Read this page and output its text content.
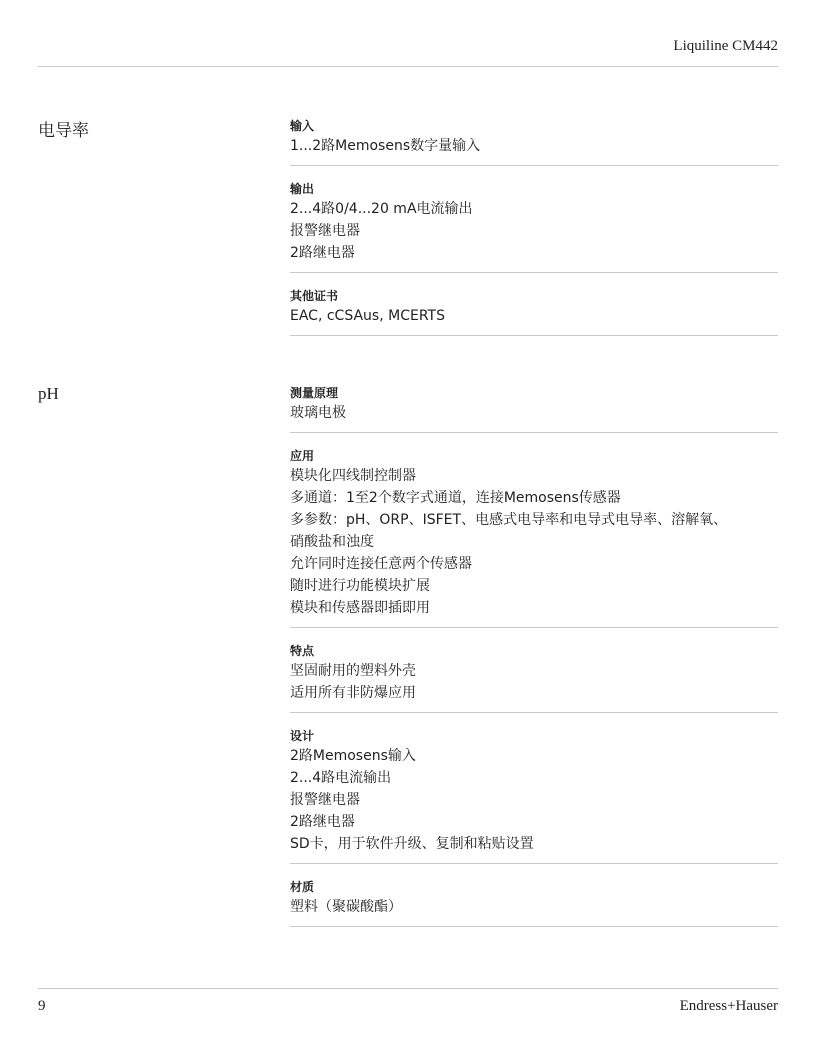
Liquiline CM442
电导率	输入
1...2路Memosens数字量输入
输出
2...4路0/4...20 mA电流输出
报警继电器
2路继电器
其他证书
EAC, cCSAus, MCERTS
pH	测量原理
玻璃电极
应用
模块化四线制控制器
多通道：1至2个数字式通道，连接Memosens传感器
多参数：pH、ORP、ISFET、电感式电导率和电导式电导率、溶解氧、
硝酸盐和浊度
允许同时连接任意两个传感器
随时进行功能模块扩展
模块和传感器即插即用
特点
坚固耐用的塑料外壳
适用所有非防爆应用
设计
2路Memosens输入
2...4路电流输出
报警继电器
2路继电器
SD卡，用于软件升级、复制和粘贴设置
材质
塑料（聚碳酸酯）
9	Endress+Hauser
